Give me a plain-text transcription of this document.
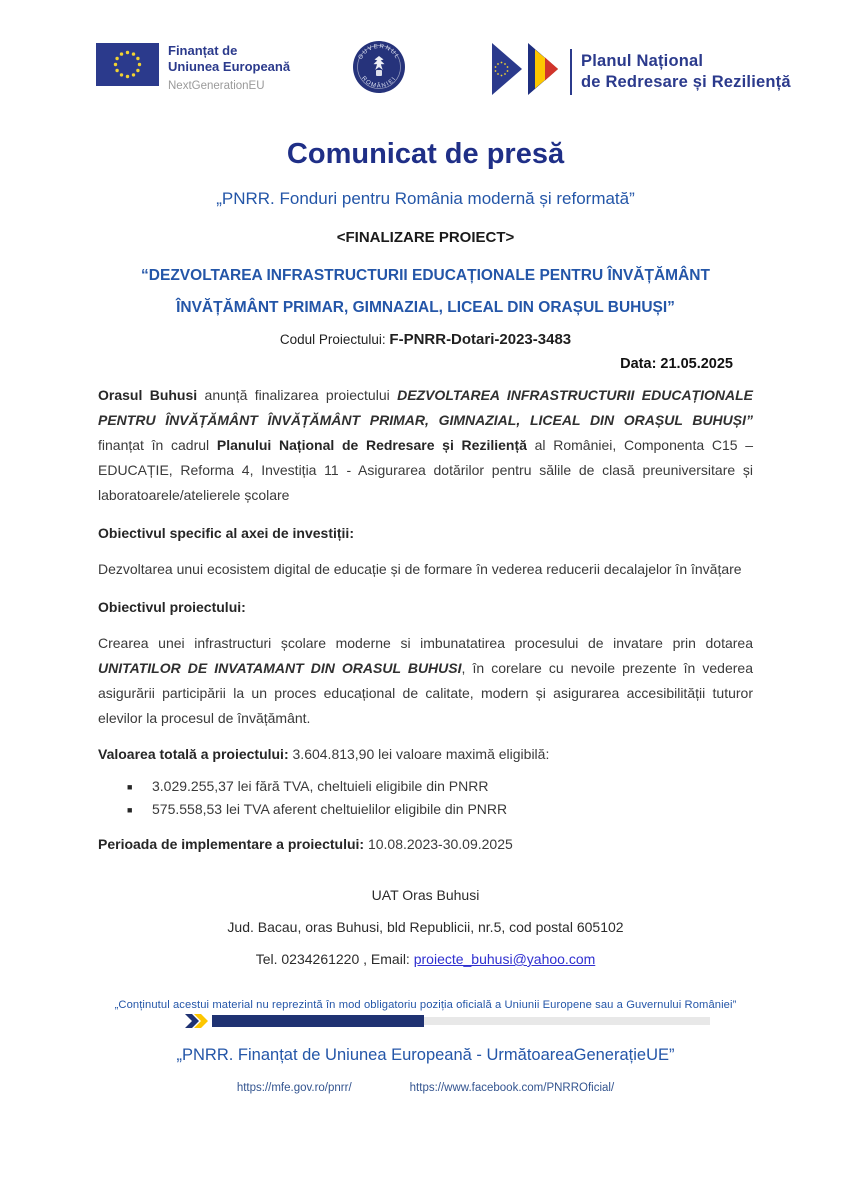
Finanțat de
Uniunea Europeană
NextGenerationEU
GUVERNUL
ROMÂNIEI
Planul Național
de Redresare și Reziliență
Comunicat de presă
„PNRR. Fonduri pentru România modernă și reformată”
<FINALIZARE PROIECT>
“DEZVOLTAREA INFRASTRUCTURII EDUCAȚIONALE PENTRU ÎNVĂȚĂMÂNT
ÎNVĂȚĂMÂNT PRIMAR, GIMNAZIAL, LICEAL DIN ORAȘUL BUHUȘI”
Codul Proiectului: F-PNRR-Dotari-2023-3483
Data: 21.05.2025

Orasul Buhusi anunță finalizarea proiectului DEZVOLTAREA INFRASTRUCTURII EDUCAȚIONALE PENTRU ÎNVĂȚĂMÂNT ÎNVĂȚĂMÂNT PRIMAR, GIMNAZIAL, LICEAL DIN ORAȘUL BUHUȘI” finanțat în cadrul Planului Național de Redresare și Reziliență al României, Componenta C15 – EDUCAȚIE, Reforma 4, Investiția 11 - Asigurarea dotărilor pentru sălile de clasă preuniversitare și laboratoarele/atelierele școlare

Obiectivul specific al axei de investiții:

Dezvoltarea unui ecosistem digital de educație și de formare în vederea reducerii decalajelor în învățare

Obiectivul proiectului:

Crearea unei infrastructuri școlare moderne si imbunatatirea procesului de invatare prin dotarea UNITATILOR DE INVATAMANT DIN ORASUL BUHUSI, în corelare cu nevoile prezente în vederea asigurării participării la un proces educațional de calitate, modern și asigurarea accesibilității tuturor elevilor la procesul de învățământ.

Valoarea totală a proiectului: 3.604.813,90 lei valoare maximă eligibilă:

■ 3.029.255,37 lei fără TVA, cheltuieli eligibile din PNRR
■ 575.558,53 lei TVA aferent cheltuielilor eligibile din PNRR

Perioada de implementare a proiectului: 10.08.2023-30.09.2025

UAT Oras Buhusi
Jud. Bacau, oras Buhusi, bld Republicii, nr.5, cod postal 605102
Tel. 0234261220 , Email: proiecte_buhusi@yahoo.com
„Conținutul acestui material nu reprezintă în mod obligatoriu poziția oficială a Uniunii Europene sau a Guvernului României”
„PNRR. Finanțat de Uniunea Europeană - UrmătoareaGenerațieUE”
https://mfe.gov.ro/pnrr/	https://www.facebook.com/PNRROficial/
